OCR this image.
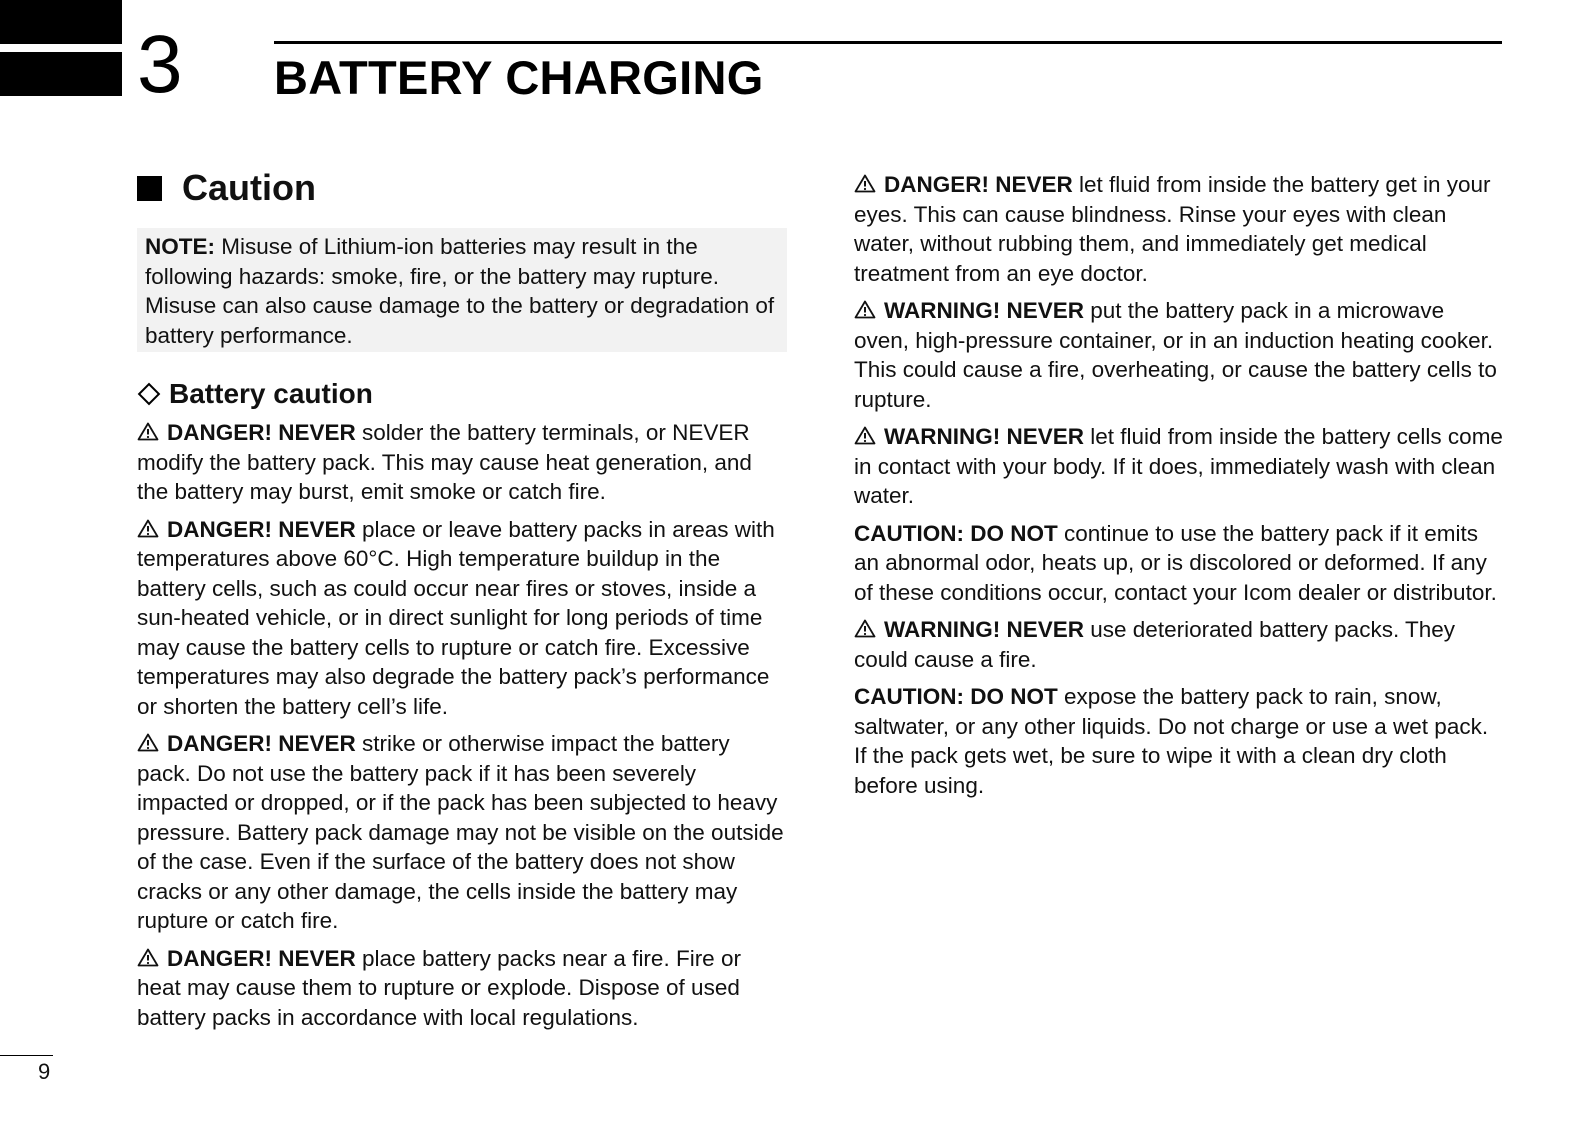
3 BATTERY CHARGING
Caution
NOTE: Misuse of Lithium-ion batteries may result in the following hazards: smoke, fire, or the battery may rupture. Misuse can also cause damage to the battery or degradation of battery performance.
Battery caution
DANGER! NEVER solder the battery terminals, or NEVER modify the battery pack. This may cause heat generation, and the battery may burst, emit smoke or catch fire.
DANGER! NEVER place or leave battery packs in areas with temperatures above 60°C. High temperature buildup in the battery cells, such as could occur near fires or stoves, inside a sun-heated vehicle, or in direct sunlight for long periods of time may cause the battery cells to rupture or catch fire. Excessive temperatures may also degrade the battery pack’s performance or shorten the battery cell’s life.
DANGER! NEVER strike or otherwise impact the battery pack. Do not use the battery pack if it has been severely impacted or dropped, or if the pack has been subjected to heavy pressure. Battery pack damage may not be visible on the outside of the case. Even if the surface of the battery does not show cracks or any other damage, the cells inside the battery may rupture or catch fire.
DANGER! NEVER place battery packs near a fire. Fire or heat may cause them to rupture or explode. Dispose of used battery packs in accordance with local regulations.
DANGER! NEVER let fluid from inside the battery get in your eyes. This can cause blindness. Rinse your eyes with clean water, without rubbing them, and immediately get medical treatment from an eye doctor.
WARNING! NEVER put the battery pack in a microwave oven, high-pressure container, or in an induction heating cooker. This could cause a fire, overheating, or cause the battery cells to rupture.
WARNING! NEVER let fluid from inside the battery cells come in contact with your body. If it does, immediately wash with clean water.
CAUTION: DO NOT continue to use the battery pack if it emits an abnormal odor, heats up, or is discolored or deformed. If any of these conditions occur, contact your Icom dealer or distributor.
WARNING! NEVER use deteriorated battery packs. They could cause a fire.
CAUTION: DO NOT expose the battery pack to rain, snow, saltwater, or any other liquids. Do not charge or use a wet pack. If the pack gets wet, be sure to wipe it with a clean dry cloth before using.
9
